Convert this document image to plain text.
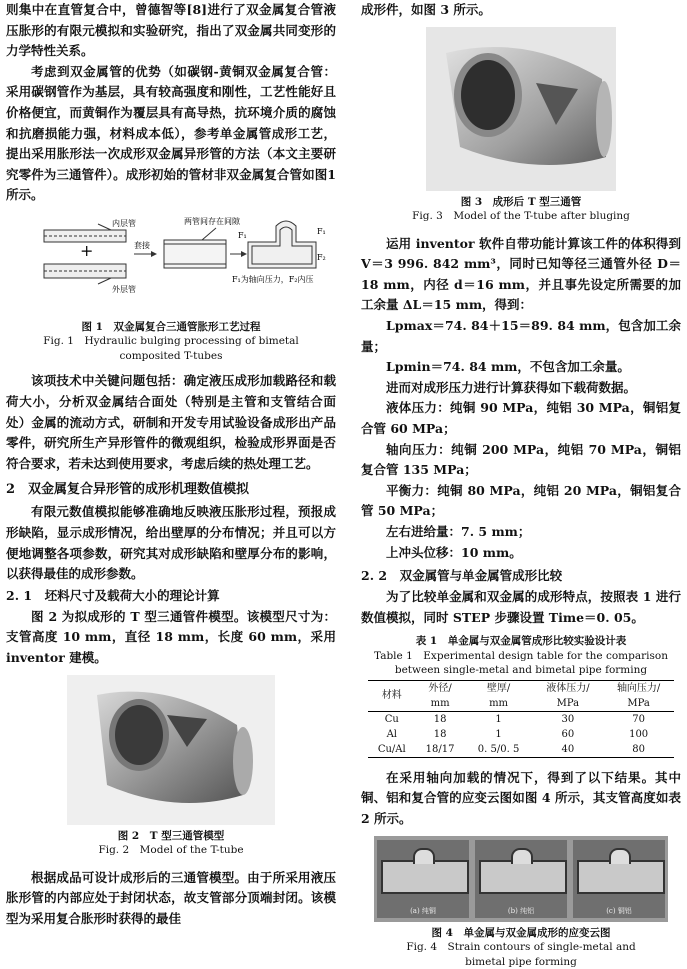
则集中在直管复合中，曾德智等[8]进行了双金属复合管液压胀形的有限元模拟和实验研究，指出了双金属共同变形的力学特性关系。

考虑到双金属管的优势（如碳钢-黄铜双金属复合管：采用碳钢管作为基层，具有较高强度和刚性，工艺性能好且价格便宜，而黄铜作为覆层具有高导热，抗环境介质的腐蚀和抗磨损能力强，材料成本低），参考单金属管成形工艺，提出采用胀形法一次成形双金属异形管的方法（本文主要研究零件为三通管件）。成形初始的管材非双金属复合管如图1所示。

内层管
+
外层管
套接
两管间存在间隙
F₁为轴向压力，F₂内压
F₁
F₂
F₁
图 1　双金属复合三通管胀形工艺过程
Fig. 1　Hydraulic bulging processing of bimetal
composited T-tubes

该项技术中关键问题包括：确定液压成形加载路径和载荷大小，分析双金属结合面处（特别是主管和支管结合面处）金属的流动方式，研制和开发专用试验设备成形出产品零件，研究所生产异形管件的微观组织，检验成形界面是否符合要求，若未达到使用要求，考虑后续的热处理工艺。

2　双金属复合异形管的成形机理数值模拟

有限元数值模拟能够准确地反映液压胀形过程，预报成形缺陷，显示成形情况，给出壁厚的分布情况；并且可以方便地调整各项参数，研究其对成形缺陷和壁厚分布的影响，以获得最佳的成形参数。

2. 1　坯料尺寸及载荷大小的理论计算

图 2 为拟成形的 T 型三通管件模型。该模型尺寸为：支管高度 10 mm，直径 18 mm，长度 60 mm，采用 inventor 建模。

图 2　T 型三通管模型
Fig. 2　Model of the T-tube

根据成品可设计成形后的三通管模型。由于所采用液压胀形管的内部应处于封闭状态，故支管部分顶端封闭。该模型为采用复合胀形时获得的最佳

成形件，如图 3 所示。

图 3　成形后 T 型三通管
Fig. 3　Model of the T-tube after bluging

运用 inventor 软件自带功能计算该工件的体积得到 V＝3 996. 842 mm³，同时已知等径三通管外径 D＝18 mm，内径 d＝16 mm，并且事先设定所需要的加工余量 ΔL＝15 mm，得到：

Lpmax＝74. 84＋15＝89. 84 mm，包含加工余量；

Lpmin＝74. 84 mm，不包含加工余量。

进而对成形压力进行计算获得如下载荷数据。

液体压力：纯铜 90 MPa，纯铝 30 MPa，铜铝复合管 60 MPa；

轴向压力：纯铜 200 MPa，纯铝 70 MPa，铜铝复合管 135 MPa；

平衡力：纯铜 80 MPa，纯铝 20 MPa，铜铝复合管 50 MPa；

左右进给量：7. 5 mm；

上冲头位移：10 mm。

2. 2　双金属管与单金属管成形比较

为了比较单金属和双金属的成形特点，按照表 1 进行数值模拟，同时 STEP 步骤设置 Time＝0. 05。

表 1　单金属与双金属管成形比较实验设计表
Table 1　Experimental design table for the comparison
between single-metal and bimetal pipe forming
材料	外径/	壁厚/	液体压力/	轴向压力/
	mm	mm	MPa	MPa
Cu	18	1	30	70
Al	18	1	60	100
Cu/Al	18/17	0. 5/0. 5	40	80

在采用轴向加载的情况下，得到了以下结果。其中铜、铝和复合管的应变云图如图 4 所示，其支管高度如表 2 所示。

(a) 纯铜	(b) 纯铝	(c) 铜铝
图 4　单金属与双金属成形的应变云图
Fig. 4　Strain contours of single-metal and
bimetal pipe forming
